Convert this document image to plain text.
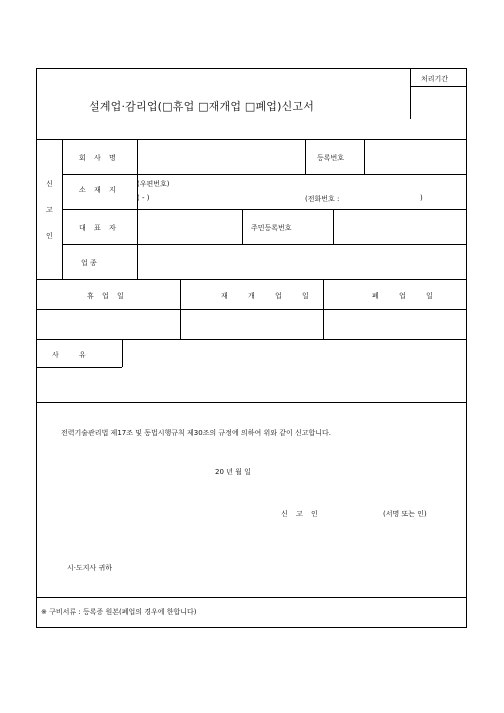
처리기간
설계업·감리업(□휴업 □재개업 □폐업)신고서
신
고
인
회 사 명	등록번호
소 재 지
(우편번호)
( - )	(전화번호 :	)
대 표 자	주민등록번호
업 종
휴 업 일	재 개 업 일	폐 업 일
사 유
전력기술관리법 제17조 및 동법시행규칙 제30조의 규정에 의하여 위와 같이 신고합니다.
20 년 월 일
신 고 인	(서명 또는 인)
시·도지사 귀하
※ 구비서류 : 등록증 원본(폐업의 경우에 한합니다)
